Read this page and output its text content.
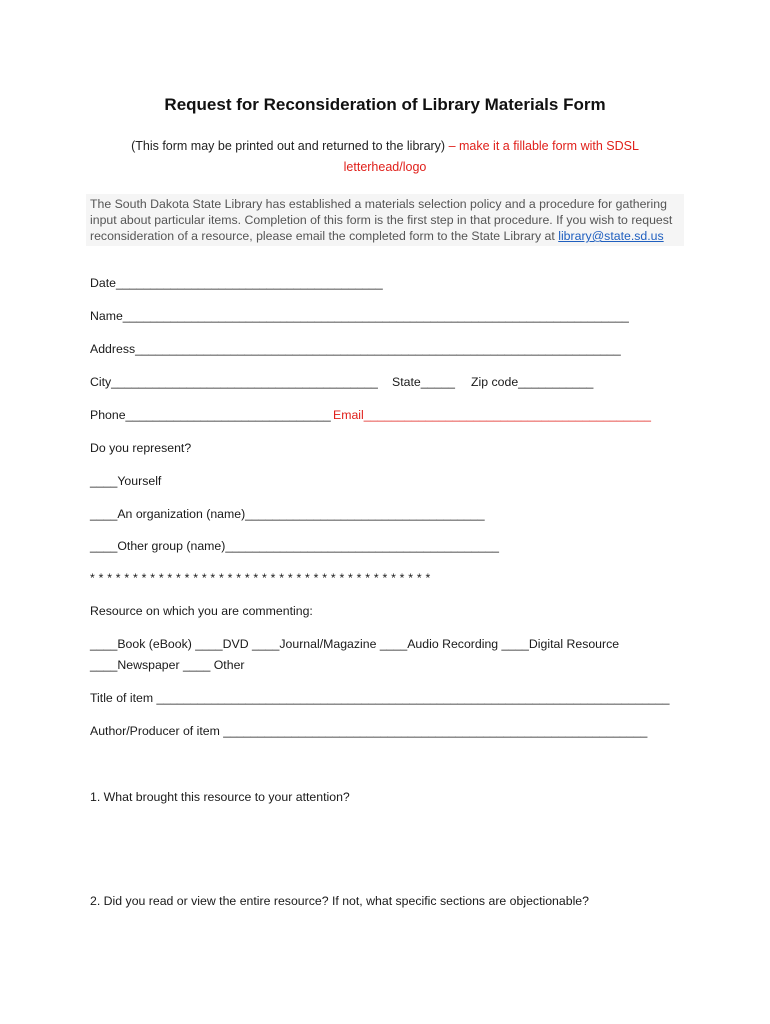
Request for Reconsideration of Library Materials Form
(This form may be printed out and returned to the library) – make it a fillable form with SDSL letterhead/logo
The South Dakota State Library has established a materials selection policy and a procedure for gathering input about particular items. Completion of this form is the first step in that procedure. If you wish to request reconsideration of a resource, please email the completed form to the State Library at library@state.sd.us
Date_______________________________________
Name__________________________________________________________________________
Address_______________________________________________________________________
City_______________________________________ State_____ Zip code___________
Phone______________________________ Email__________________________________________
Do you represent?
____Yourself
____An organization (name)___________________________________
____Other group (name)________________________________________
* * * * * * * * * * * * * * * * * * * * * * * * * * * * * * * * * * * * * * * *
Resource on which you are commenting:
____Book (eBook) ____DVD ____Journal/Magazine ____Audio Recording ____Digital Resource
____Newspaper ____ Other
Title of item ___________________________________________________________________________
Author/Producer of item ______________________________________________________________
1. What brought this resource to your attention?
2. Did you read or view the entire resource? If not, what specific sections are objectionable?
